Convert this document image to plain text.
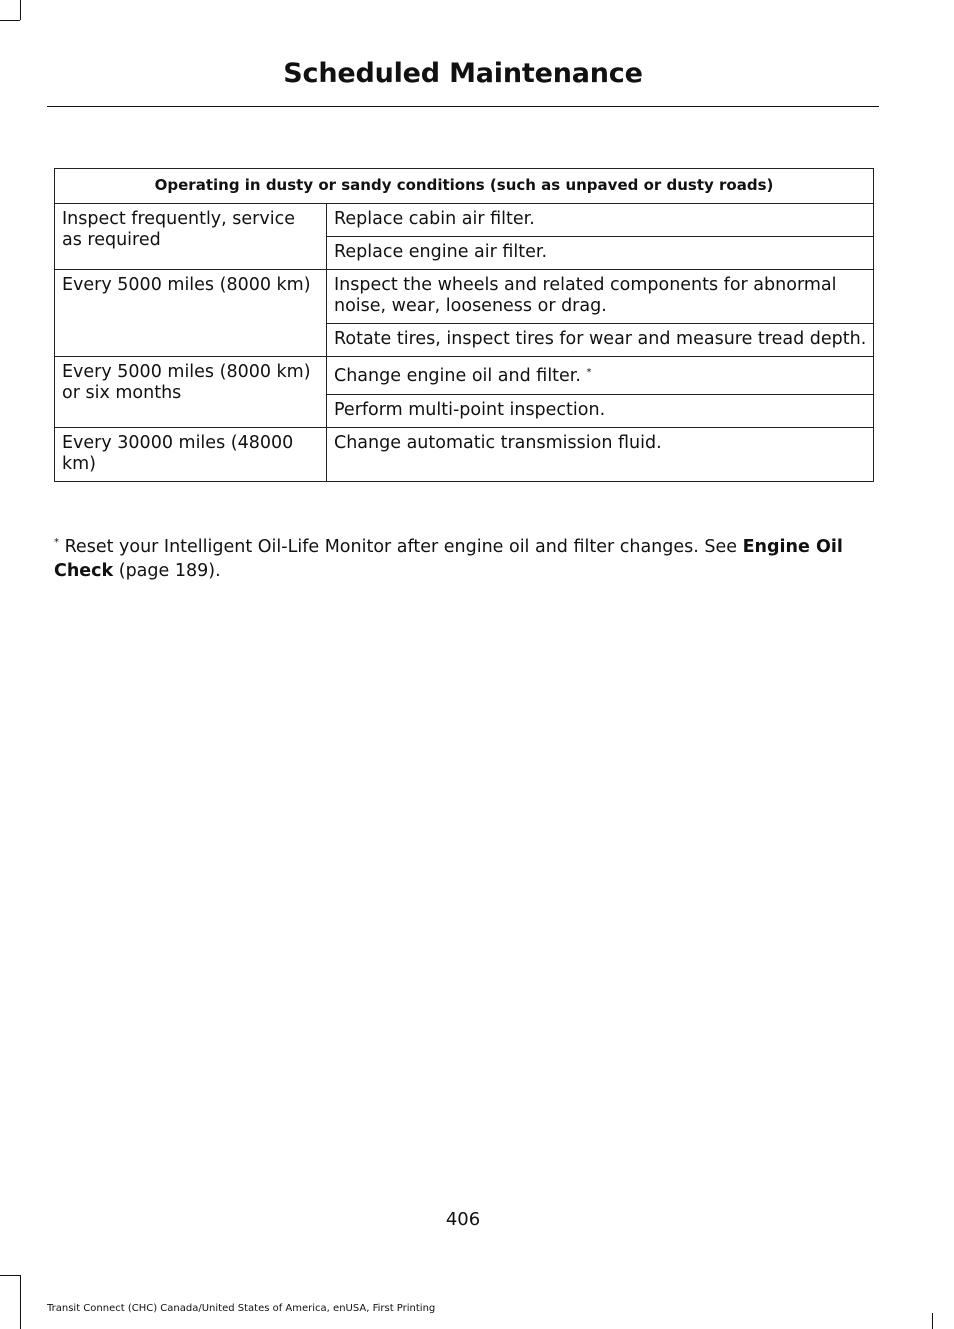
Scheduled Maintenance
Operating in dusty or sandy conditions (such as unpaved or dusty roads)	
Inspect frequently, service as required	Replace cabin air filter.
	Replace engine air filter.
Every 5000 miles (8000 km)	Inspect the wheels and related components for abnormal noise, wear, looseness or drag.
	Rotate tires, inspect tires for wear and measure tread depth.
Every 5000 miles (8000 km) or six months	Change engine oil and filter. *
	Perform multi-point inspection.
Every 30000 miles (48000 km)	Change automatic transmission fluid.
* Reset your Intelligent Oil-Life Monitor after engine oil and filter changes. See Engine Oil Check (page 189).
406
Transit Connect (CHC) Canada/United States of America, enUSA, First Printing
